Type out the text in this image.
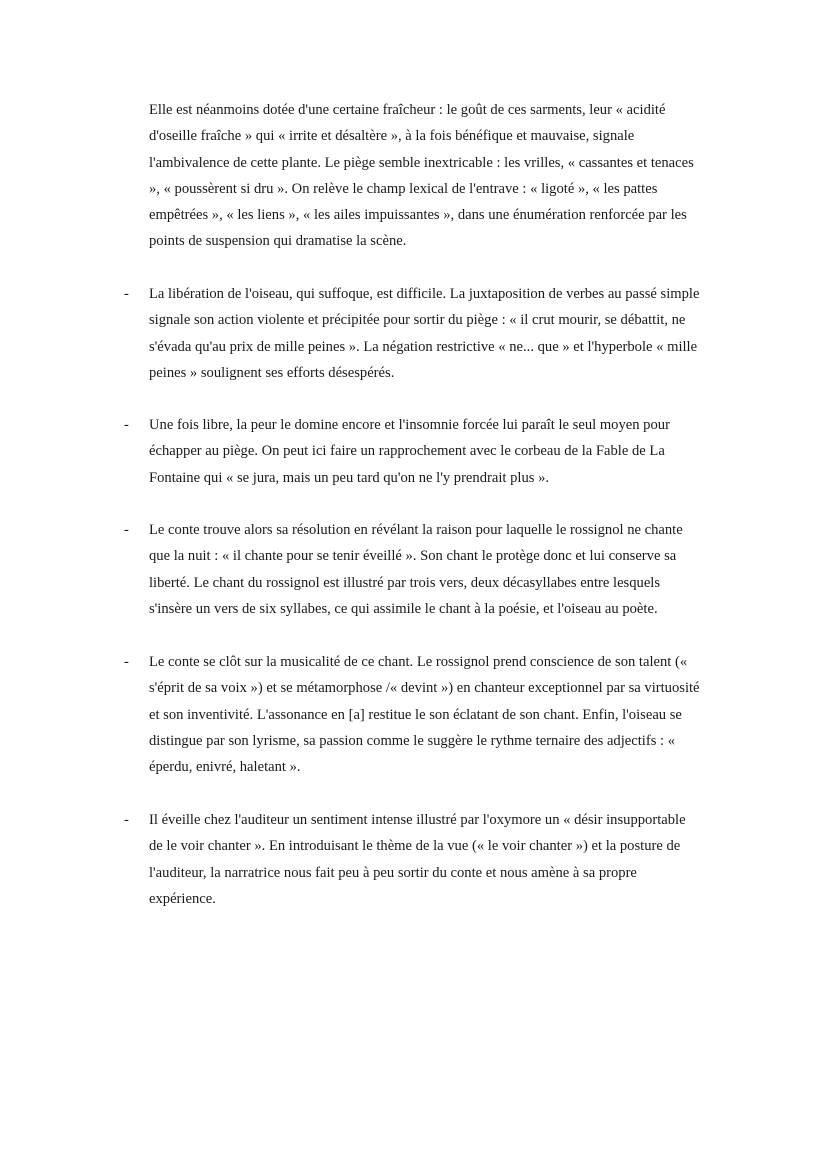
Elle est néanmoins dotée d'une certaine fraîcheur : le goût de ces sarments, leur « acidité
d'oseille fraîche » qui « irrite et désaltère », à la fois bénéfique et mauvaise, signale
l'ambivalence de cette plante. Le piège semble inextricable : les vrilles, « cassantes et tenaces
», « poussèrent si dru ». On relève le champ lexical de l'entrave : « ligoté », « les pattes
empêtrées », « les liens », « les ailes impuissantes », dans une énumération renforcée par les
points de suspension qui dramatise la scène.
- La libération de l'oiseau, qui suffoque, est difficile. La juxtaposition de verbes au passé simple
signale son action violente et précipitée pour sortir du piège : « il crut mourir, se débattit, ne
s'évada qu'au prix de mille peines ». La négation restrictive « ne... que » et l'hyperbole « mille
peines » soulignent ses efforts désespérés.
- Une fois libre, la peur le domine encore et l'insomnie forcée lui paraît le seul moyen pour
échapper au piège. On peut ici faire un rapprochement avec le corbeau de la Fable de La
Fontaine qui « se jura, mais un peu tard qu'on ne l'y prendrait plus ».
- Le conte trouve alors sa résolution en révélant la raison pour laquelle le rossignol ne chante
que la nuit : « il chante pour se tenir éveillé ». Son chant le protège donc et lui conserve sa
liberté. Le chant du rossignol est illustré par trois vers, deux décasyllabes entre lesquels
s'insère un vers de six syllabes, ce qui assimile le chant à la poésie, et l'oiseau au poète.
- Le conte se clôt sur la musicalité de ce chant. Le rossignol prend conscience de son talent («
s'éprit de sa voix ») et se métamorphose /« devint ») en chanteur exceptionnel par sa virtuosité
et son inventivité. L'assonance en [a] restitue le son éclatant de son chant. Enfin, l'oiseau se
distingue par son lyrisme, sa passion comme le suggère le rythme ternaire des adjectifs : «
éperdu, enivré, haletant ».
- Il éveille chez l'auditeur un sentiment intense illustré par l'oxymore un « désir insupportable
de le voir chanter ». En introduisant le thème de la vue (« le voir chanter ») et la posture de
l'auditeur, la narratrice nous fait peu à peu sortir du conte et nous amène à sa propre
expérience.
